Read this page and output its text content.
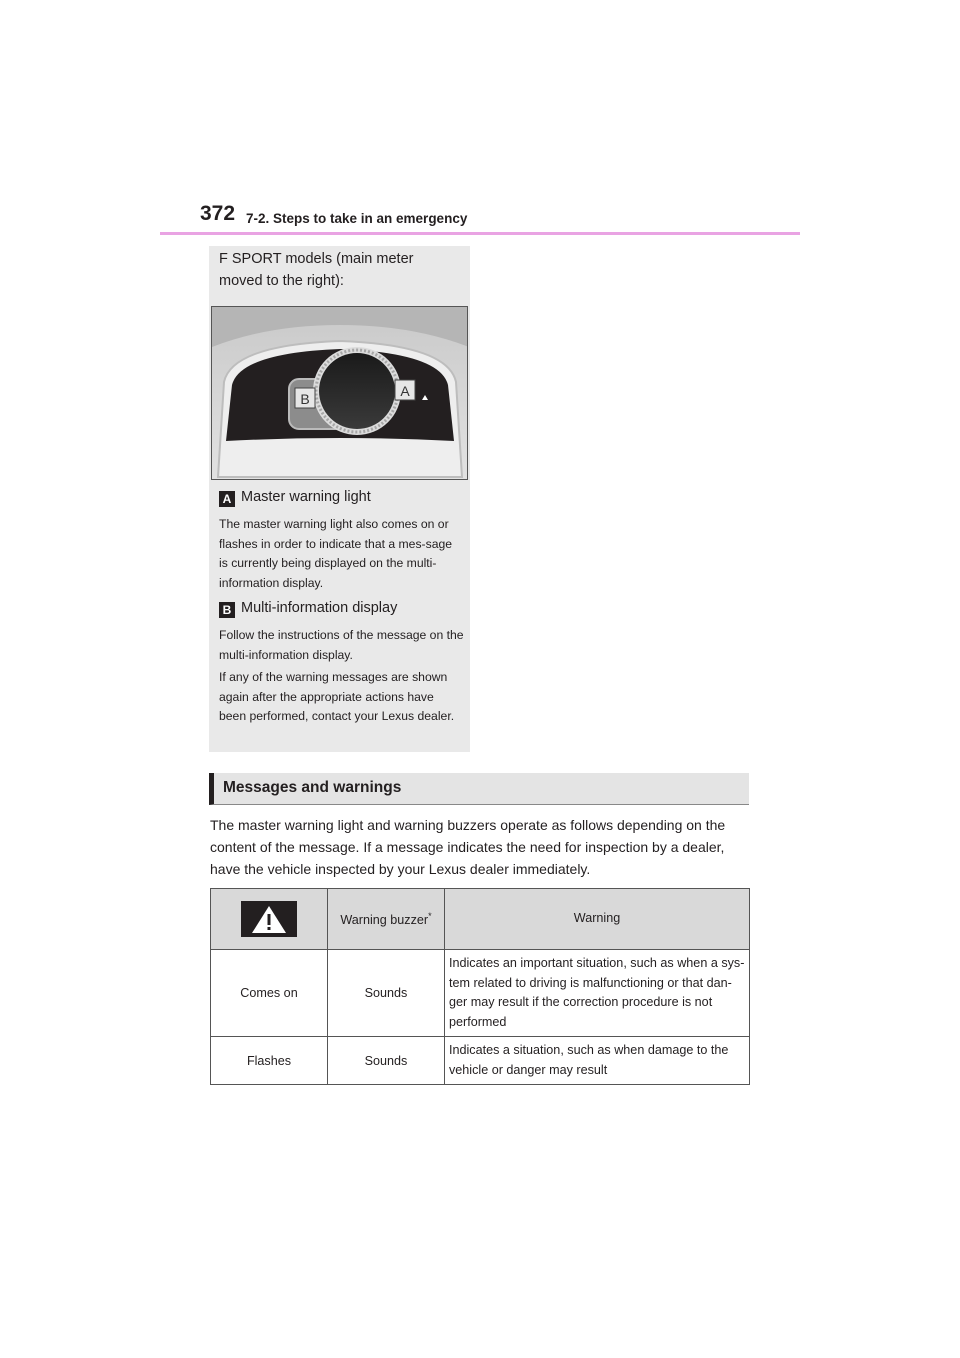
372 7-2. Steps to take in an emergency
F SPORT models (main meter moved to the right):
B	A
A Master warning light
The master warning light also comes on or flashes in order to indicate that a mes-sage is currently being displayed on the multi-information display.
B Multi-information display
Follow the instructions of the message on the multi-information display.
If any of the warning messages are shown again after the appropriate actions have been performed, contact your Lexus dealer.
Messages and warnings
The master warning light and warning buzzers operate as follows depending on the content of the message. If a message indicates the need for inspection by a dealer, have the vehicle inspected by your Lexus dealer immediately.
	Warning buzzer*	Warning
Comes on	Sounds	Indicates an important situation, such as when a sys-tem related to driving is malfunctioning or that dan-ger may result if the correction procedure is not performed
Flashes	Sounds	Indicates a situation, such as when damage to the vehicle or danger may result
